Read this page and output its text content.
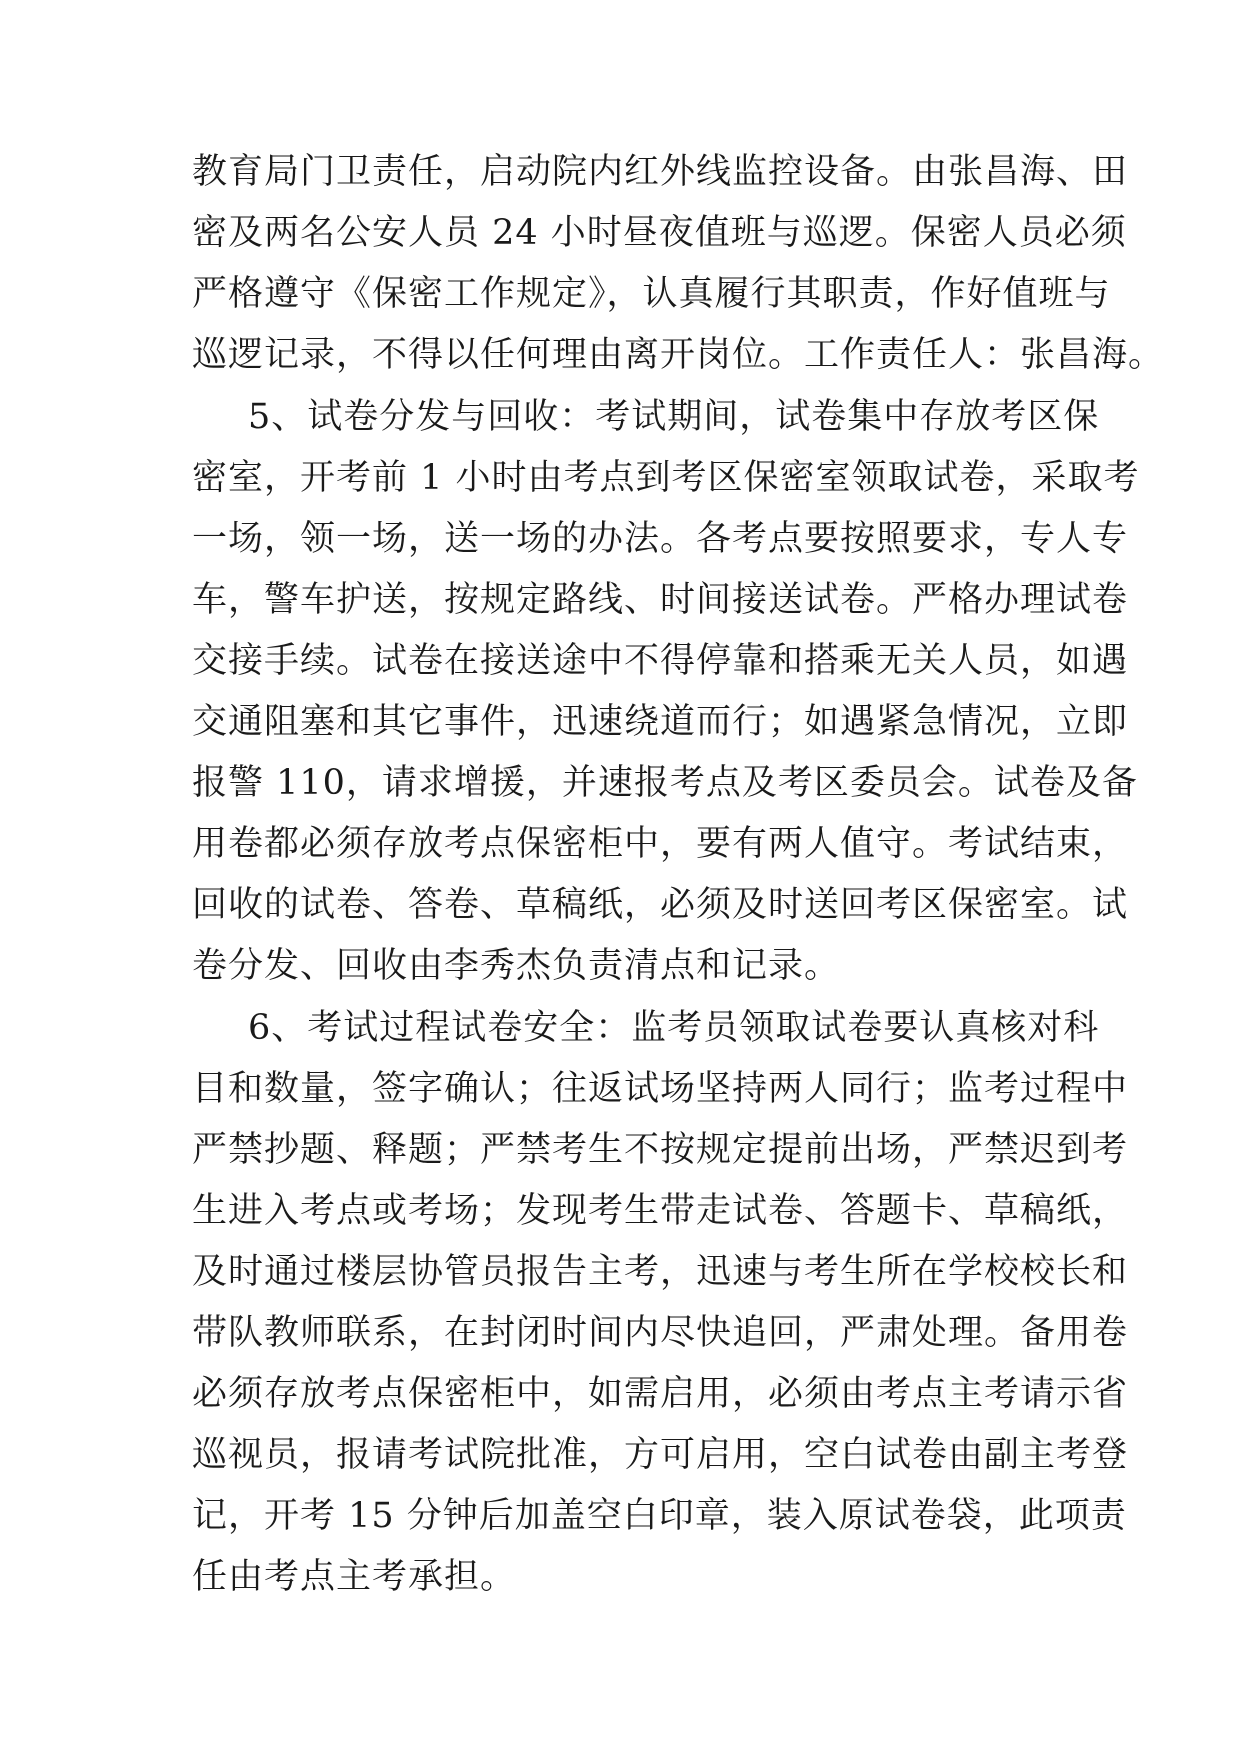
教育局门卫责任，启动院内红外线监控设备。由张昌海、田
密及两名公安人员 24 小时昼夜值班与巡逻。保密人员必须
严格遵守《保密工作规定》，认真履行其职责，作好值班与
巡逻记录，不得以任何理由离开岗位。工作责任人：张昌海。
5、试卷分发与回收：考试期间，试卷集中存放考区保
密室，开考前 1 小时由考点到考区保密室领取试卷，采取考
一场，领一场，送一场的办法。各考点要按照要求，专人专
车，警车护送，按规定路线、时间接送试卷。严格办理试卷
交接手续。试卷在接送途中不得停靠和搭乘无关人员，如遇
交通阻塞和其它事件，迅速绕道而行；如遇紧急情况，立即
报警 110，请求增援，并速报考点及考区委员会。试卷及备
用卷都必须存放考点保密柜中，要有两人值守。考试结束，
回收的试卷、答卷、草稿纸，必须及时送回考区保密室。试
卷分发、回收由李秀杰负责清点和记录。
6、考试过程试卷安全：监考员领取试卷要认真核对科
目和数量，签字确认；往返试场坚持两人同行；监考过程中
严禁抄题、释题；严禁考生不按规定提前出场，严禁迟到考
生进入考点或考场；发现考生带走试卷、答题卡、草稿纸，
及时通过楼层协管员报告主考，迅速与考生所在学校校长和
带队教师联系，在封闭时间内尽快追回，严肃处理。备用卷
必须存放考点保密柜中，如需启用，必须由考点主考请示省
巡视员，报请考试院批准，方可启用，空白试卷由副主考登
记，开考 15 分钟后加盖空白印章，装入原试卷袋，此项责
任由考点主考承担。
